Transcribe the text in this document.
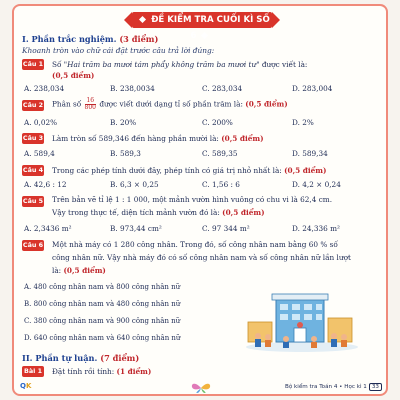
ĐỀ KIỂM TRA CUỐI KÌ SỐ 6
I. Phần trắc nghiệm. (3 điểm)
Khoanh tròn vào chữ cái đặt trước câu trả lời đúng:
Câu 1 Số "Hai trăm ba mươi tám phẩy không trăm ba mươi tư" được viết là:
(0,5 điểm)
A. 238,034	B. 238,0034	C. 283,034	D. 283,004
Câu 2 Phân số $\frac{16}{800}$ được viết dưới dạng tỉ số phần trăm là: (0,5 điểm)
A. 0,02%	B. 20%	C. 200%	D. 2%
Câu 3 Làm tròn số 589,346 đến hàng phần mười là: (0,5 điểm)
A. 589,4	B. 589,3	C. 589,35	D. 589,34
Câu 4 Trong các phép tính dưới đây, phép tính có giá trị nhỏ nhất là: (0,5 điểm)
A. 42,6 : 12	B. 6,3 × 0,25	C. 1,56 : 6	D. 4,2 × 0,24
Câu 5 Trên bản vẽ tỉ lệ 1 : 1 000, một mảnh vườn hình vuông có chu vi là 62,4 cm.
Vậy trong thực tế, diện tích mảnh vườn đó là: (0,5 điểm)
A. 2,3436 m²	B. 973,44 cm²	C. 97 344 m²	D. 24,336 m²
Câu 6 Một nhà máy có 1 280 công nhân. Trong đó, số công nhân nam bằng 60 % số
công nhân nữ. Vậy nhà máy đó có số công nhân nam và số công nhân nữ lần lượt
là: (0,5 điểm)
A. 480 công nhân nam và 800 công nhân nữ
B. 800 công nhân nam và 480 công nhân nữ
C. 380 công nhân nam và 900 công nhân nữ
D. 640 công nhân nam và 640 công nhân nữ
II. Phần tự luận. (7 điểm)
Bài 1 Đặt tính rồi tính: (1 điểm)
QK	Bộ kiểm tra Toán 4 • Học kì 1 33
